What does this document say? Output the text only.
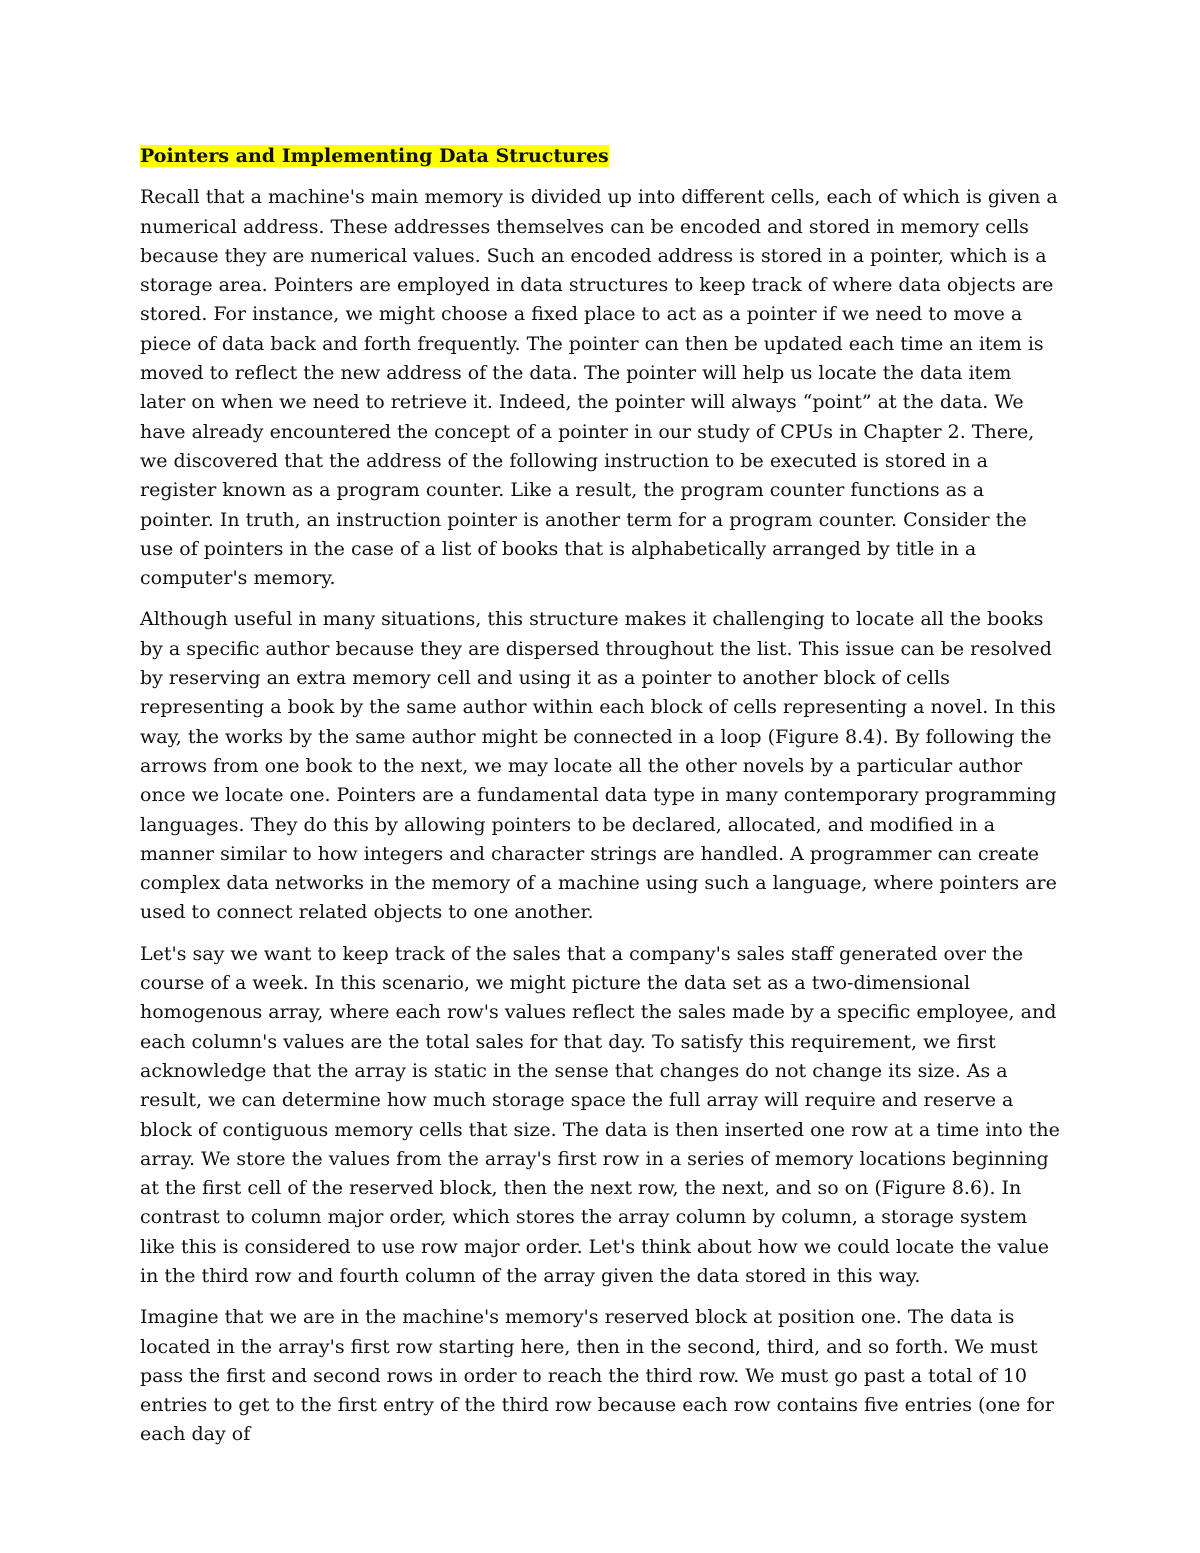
Pointers and Implementing Data Structures

Recall that a machine's main memory is divided up into different cells, each of which is given a numerical address. These addresses themselves can be encoded and stored in memory cells because they are numerical values. Such an encoded address is stored in a pointer, which is a storage area. Pointers are employed in data structures to keep track of where data objects are stored. For instance, we might choose a fixed place to act as a pointer if we need to move a piece of data back and forth frequently. The pointer can then be updated each time an item is moved to reflect the new address of the data. The pointer will help us locate the data item later on when we need to retrieve it. Indeed, the pointer will always “point” at the data. We have already encountered the concept of a pointer in our study of CPUs in Chapter 2. There, we discovered that the address of the following instruction to be executed is stored in a register known as a program counter. Like a result, the program counter functions as a pointer. In truth, an instruction pointer is another term for a program counter. Consider the use of pointers in the case of a list of books that is alphabetically arranged by title in a computer's memory.

Although useful in many situations, this structure makes it challenging to locate all the books by a specific author because they are dispersed throughout the list. This issue can be resolved by reserving an extra memory cell and using it as a pointer to another block of cells representing a book by the same author within each block of cells representing a novel. In this way, the works by the same author might be connected in a loop (Figure 8.4). By following the arrows from one book to the next, we may locate all the other novels by a particular author once we locate one. Pointers are a fundamental data type in many contemporary programming languages. They do this by allowing pointers to be declared, allocated, and modified in a manner similar to how integers and character strings are handled. A programmer can create complex data networks in the memory of a machine using such a language, where pointers are used to connect related objects to one another.

Let's say we want to keep track of the sales that a company's sales staff generated over the course of a week. In this scenario, we might picture the data set as a two-dimensional homogenous array, where each row's values reflect the sales made by a specific employee, and each column's values are the total sales for that day. To satisfy this requirement, we first acknowledge that the array is static in the sense that changes do not change its size. As a result, we can determine how much storage space the full array will require and reserve a block of contiguous memory cells that size. The data is then inserted one row at a time into the array. We store the values from the array's first row in a series of memory locations beginning at the first cell of the reserved block, then the next row, the next, and so on (Figure 8.6). In contrast to column major order, which stores the array column by column, a storage system like this is considered to use row major order. Let's think about how we could locate the value in the third row and fourth column of the array given the data stored in this way.

Imagine that we are in the machine's memory's reserved block at position one. The data is located in the array's first row starting here, then in the second, third, and so forth. We must pass the first and second rows in order to reach the third row. We must go past a total of 10 entries to get to the first entry of the third row because each row contains five entries (one for each day of
